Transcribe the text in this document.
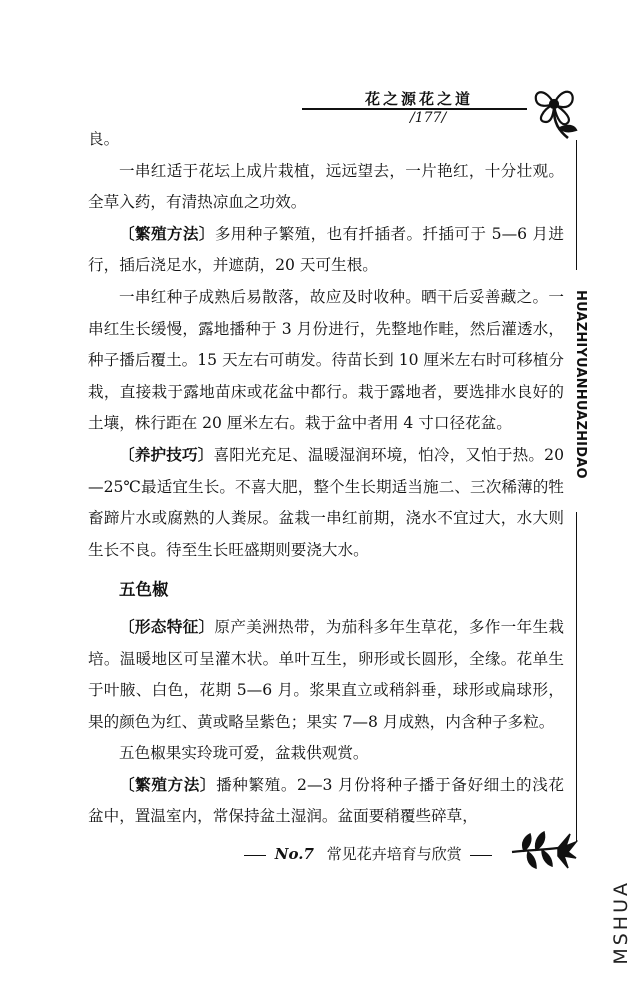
花之源花之道
/177/
HUAZHIYUANHUAZHIDAO

良。

一串红适于花坛上成片栽植，远远望去，一片艳红，十分壮观。全草入药，有清热凉血之功效。

〔繁殖方法〕多用种子繁殖，也有扦插者。扦插可于 5—6 月进行，插后浇足水，并遮荫，20 天可生根。

一串红种子成熟后易散落，故应及时收种。晒干后妥善藏之。一串红生长缓慢，露地播种于 3 月份进行，先整地作畦，然后灌透水，种子播后覆土。15 天左右可萌发。待苗长到 10 厘米左右时可移植分栽，直接栽于露地苗床或花盆中都行。栽于露地者，要选排水良好的土壤，株行距在 20 厘米左右。栽于盆中者用 4 寸口径花盆。

〔养护技巧〕喜阳光充足、温暖湿润环境，怕冷，又怕于热。20—25℃最适宜生长。不喜大肥，整个生长期适当施二、三次稀薄的牲畜蹄片水或腐熟的人粪尿。盆栽一串红前期，浇水不宜过大，水大则生长不良。待至生长旺盛期则要浇大水。

五色椒

〔形态特征〕原产美洲热带，为茄科多年生草花，多作一年生栽培。温暖地区可呈灌木状。单叶互生，卵形或长圆形，全缘。花单生于叶腋、白色，花期 5—6 月。浆果直立或稍斜垂，球形或扁球形，果的颜色为红、黄或略呈紫色；果实 7—8 月成熟，内含种子多粒。

五色椒果实玲珑可爱，盆栽供观赏。

〔繁殖方法〕播种繁殖。2—3 月份将种子播于备好细土的浅花盆中，置温室内，常保持盆土湿润。盆面要稍覆些碎草，

No.7 常见花卉培育与欣赏
MSHUA
